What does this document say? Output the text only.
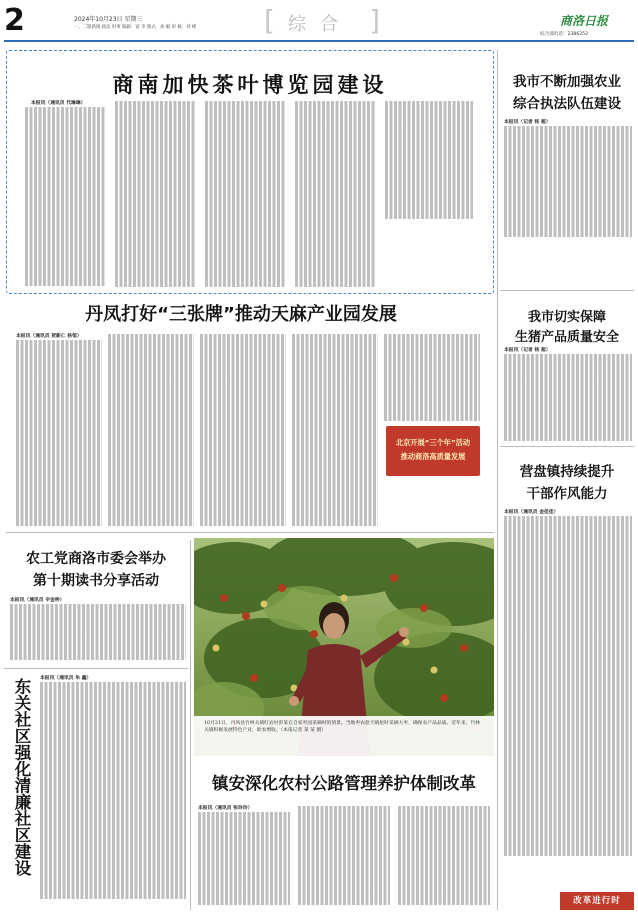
2	2024年10月23日 星期三
一、二版新闻·政法 时事 编辑：富 李 版式：孙 编 审 核：刘 彬 [ 综合 ]	商洛日报
综合部电话：2386252
商南加快茶叶博览园建设
本报讯（通讯员 代琳琳）
我市不断加强农业
综合执法队伍建设
本报讯（记者 杨 超）
丹凤打好“三张牌”推动天麻产业园发展
本报讯（通讯员 贺新仁 杨恒）
北京开展“三个年”活动
推动商洛高质量发展
我市切实保障
生猪产品质量安全
本报讯（记者 杨 超）
农工党商洛市委会举办
第十期读书分享活动
本报讯（通讯员 辛金桥）
10月21日，丹凤县竹林关镇红岩村彭某在自家枣园采摘时的情景。当地枣农趁天晴抢时采摘大枣，确保农产品品质。近年来，竹林关镇积极发展特色产业，助农增收。（本报记者 某 某 摄）
营盘镇持续提升
干部作风能力
本报讯（通讯员 金佳佳）
东关社区强化清廉社区建设 本报讯（通讯员 朱 鑫）
镇安深化农村公路管理养护体制改革
本报讯（通讯员 张玲玲）
改革进行时
